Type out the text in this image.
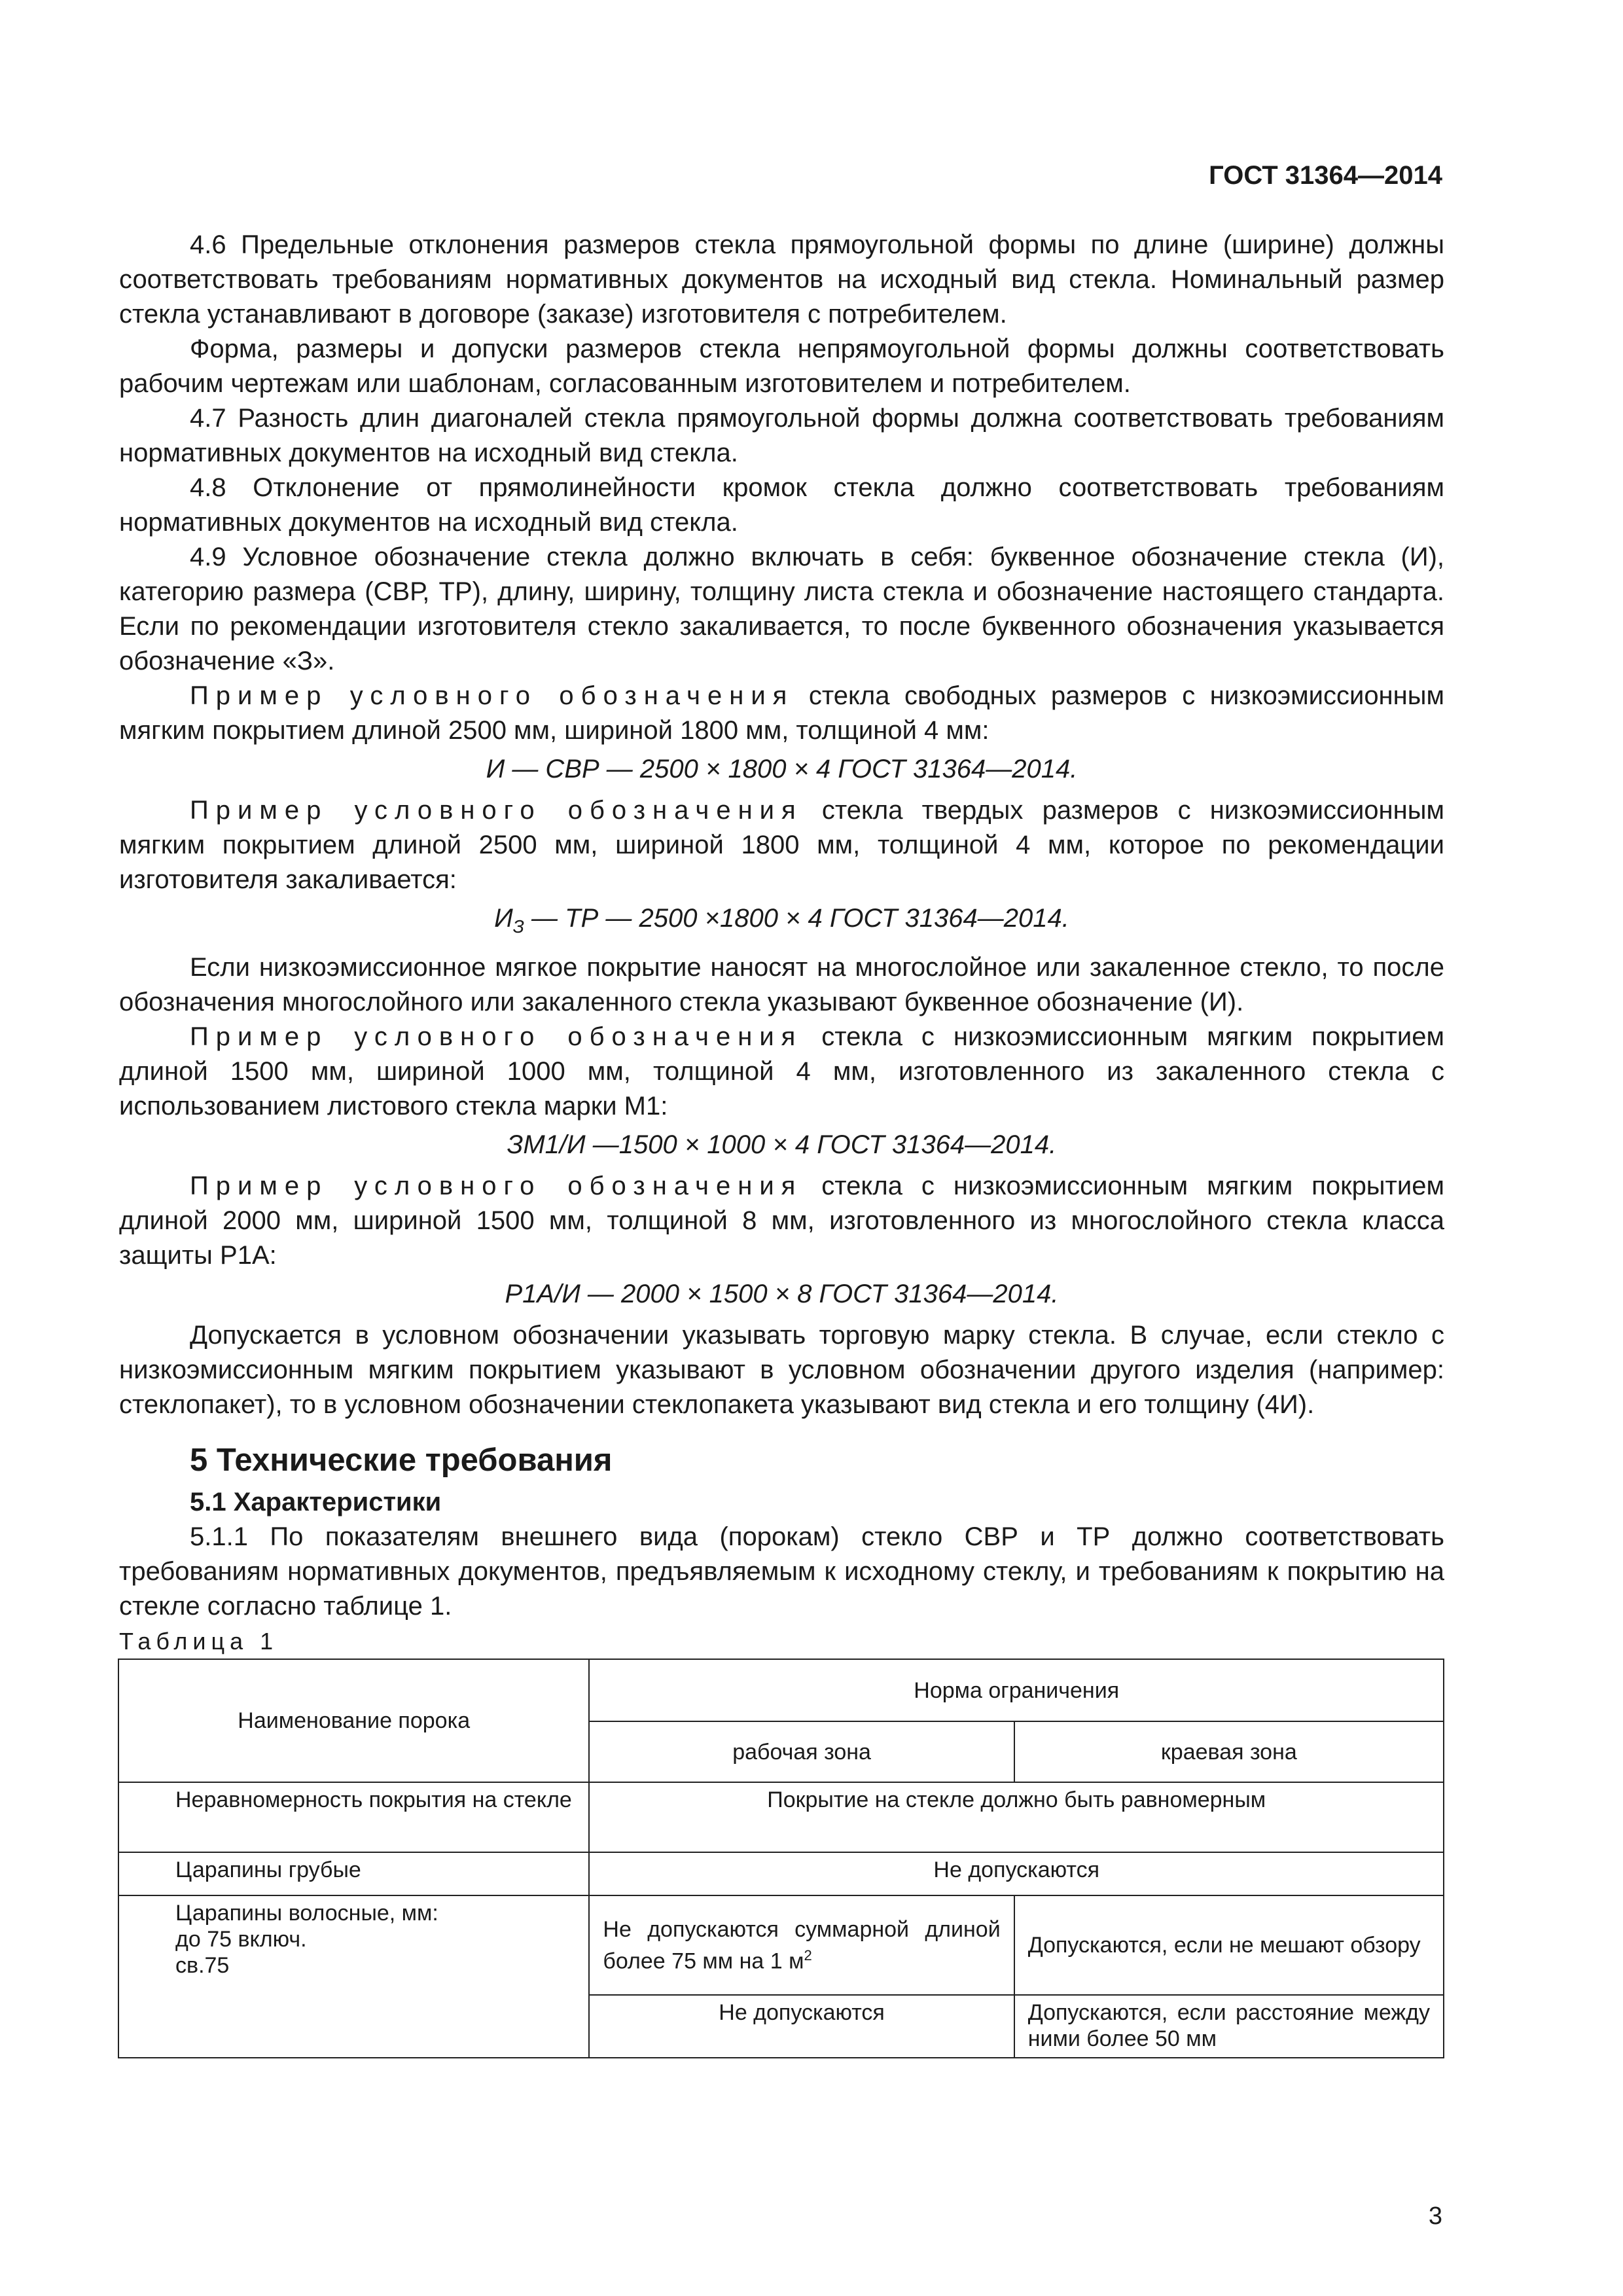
ГОСТ 31364—2014

4.6 Предельные отклонения размеров стекла прямоугольной формы по длине (ширине) должны соответствовать требованиям нормативных документов на исходный вид стекла. Номинальный размер стекла устанавливают в договоре (заказе) изготовителя с потребителем.

Форма, размеры и допуски размеров стекла непрямоугольной формы должны соответствовать рабочим чертежам или шаблонам, согласованным изготовителем и потребителем.

4.7 Разность длин диагоналей стекла прямоугольной формы должна соответствовать требованиям нормативных документов на исходный вид стекла.

4.8 Отклонение от прямолинейности кромок стекла должно соответствовать требованиям нормативных документов на исходный вид стекла.

4.9 Условное обозначение стекла должно включать в себя: буквенное обозначение стекла (И), категорию размера (СВР, ТР), длину, ширину, толщину листа стекла и обозначение настоящего стандарта. Если по рекомендации изготовителя стекло закаливается, то после буквенного обозначения указывается обозначение «З».

Пример условного обозначения стекла свободных размеров с низкоэмиссионным мягким покрытием длиной 2500 мм, шириной 1800 мм, толщиной 4 мм:

И — СВР — 2500 × 1800 × 4 ГОСТ 31364—2014.

Пример условного обозначения стекла твердых размеров с низкоэмиссионным мягким покрытием длиной 2500 мм, шириной 1800 мм, толщиной 4 мм, которое по рекомендации изготовителя закаливается:

$И_З$ — ТР — 2500 ×1800 × 4 ГОСТ 31364—2014.

Если низкоэмиссионное мягкое покрытие наносят на многослойное или закаленное стекло, то после обозначения многослойного или закаленного стекла указывают буквенное обозначение (И).

Пример условного обозначения стекла с низкоэмиссионным мягким покрытием длиной 1500 мм, шириной 1000 мм, толщиной 4 мм, изготовленного из закаленного стекла с использованием листового стекла марки М1:

ЗМ1/И —1500 × 1000 × 4 ГОСТ 31364—2014.

Пример условного обозначения стекла с низкоэмиссионным мягким покрытием длиной 2000 мм, шириной 1500 мм, толщиной 8 мм, изготовленного из многослойного стекла класса защиты Р1А:

Р1А/И — 2000 × 1500 × 8 ГОСТ 31364—2014.

Допускается в условном обозначении указывать торговую марку стекла. В случае, если стекло с низкоэмиссионным мягким покрытием указывают в условном обозначении другого изделия (например: стеклопакет), то в условном обозначении стеклопакета указывают вид стекла и его толщину (4И).

5 Технические требования
5.1 Характеристики

5.1.1 По показателям внешнего вида (порокам) стекло СВР и ТР должно соответствовать требованиям нормативных документов, предъявляемым к исходному стеклу, и требованиям к покрытию на стекле согласно таблице 1.

Таблица 1

Наименование порока	Норма ограничения	
	рабочая зона	краевая зона
Неравномерность покрытия на стекле	Покрытие на стекле должно быть равномерным	
Царапины грубые	Не допускаются	

Царапины волосные, мм:
до 75 включ.
св.75	Не допускаются суммарной длиной более 75 мм на 1 $м^2$	Допускаются, если не мешают обзору
	Не допускаются	Допускаются, если расстояние между ними более 50 мм
3
